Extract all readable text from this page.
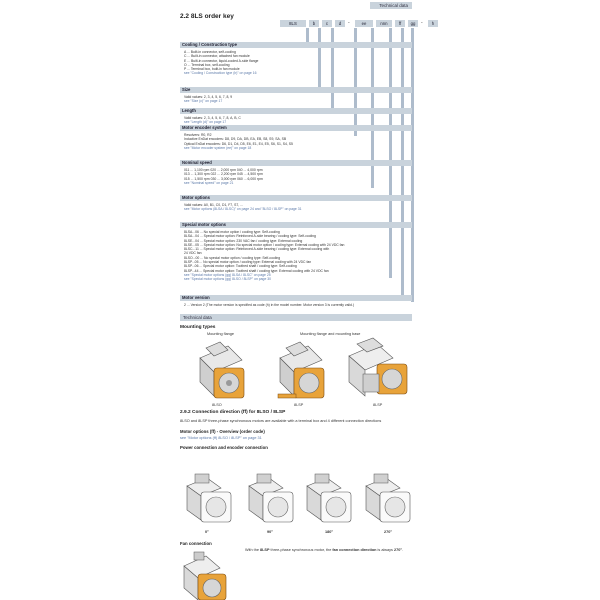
Technical data
2.2 8LS order key
8LS	b	c	d	-	ee	nnn	ff	gg	-	h
Cooling / Construction type
A ... Built-in connector, self-cooling
C ... Built-in connector, attached fan module
E ... Built-in connector, liquid-cooled A-side flange
O ... Terminal box, self-cooling
P ... Terminal box, built-in fan module
see "Cooling / Construction type (b)" on page 16
Size
Valid values: 2, 3, 4, 5, 6, 7, 8, 9
see "Size (c)" on page 17
Length
Valid values: 2, 3, 4, 5, 6, 7, 8, A, B, C
see "Length (d)" on page 17
Motor encoder system
Resolvers: R0, R2
Inductive EnDat encoders: D8, D9, DA, DB, EA, EB, S8, S9, SA, SB
Optical EnDat encoders: D6, D1, D4, D5, E6, E1, E4, E5, S6, S1, S4, S5
see "Motor encoder system (ee)" on page 18
Nominal speed
011 ... 1,100 rpm 020 ... 2,000 rpm 040 ... 4,000 rpm
013 ... 1,300 rpm 022 ... 2,200 rpm 045 ... 4,500 rpm
015 ... 1,500 rpm 030 ... 3,000 rpm 060 ... 6,000 rpm
see "Nominal speed" on page 21
Motor options
Valid values: A0, B1, C0, D1, F7, S7, ...
see "Motor options (8LSA / 8LSC)" on page 24 and "8LSO / 8LSP" on page 31
Special motor options
8LSA...06 ... No special motor option / cooling type: Self-cooling
8LSA...04 ... Special motor option: Reinforced A-side bearing / cooling type: Self-cooling
8LSE...04 ... Special motor option: 230 VAC fan / cooling type: External cooling
8LSE...05 ... Special motor option: No special motor option / cooling type: External cooling with 24 VDC fan
8LSC...11 ... Special motor option: Reinforced A-side bearing / cooling type: External cooling with
24 VDC fan
8LSO...00 ... No special motor option / cooling type: Self-cooling
8LSP...05 ... No special motor option / cooling type: External cooling with 24 VDC fan
8LSP...06 ... Special motor option: Toothed shaft / cooling type: Self-cooling
8LSP...44 ... Special motor option: Toothed shaft / cooling type: External cooling with 24 VDC fan
see "Special motor options (gg) 8LSA / 8LSC" on page 25
see "Special motor options (gg) 8LSO / 8LSP" on page 30
Motor version
2 ... Version 2 (The motor version is specified as code (h) in the model number. Motor version 3 is currently valid.)
Technical data
Mounting types
Mounting flange	Mounting flange and mounting base
8LSO	8LSP	8LSP
2.9.2 Connection direction (ff) for 8LSO / 8LSP
8LSO and 8LSP three-phase synchronous motors are available with a terminal box and 4 different connection directions
Motor options (ff) - Overview (order code)
see "Motor options (ff) 8LSO / 8LSP" on page 31
Power connection and encoder connection
0°	90°	180°	270°
Fan connection
With the 8LSP three-phase synchronous motor, the fan connection direction is always 270°.
